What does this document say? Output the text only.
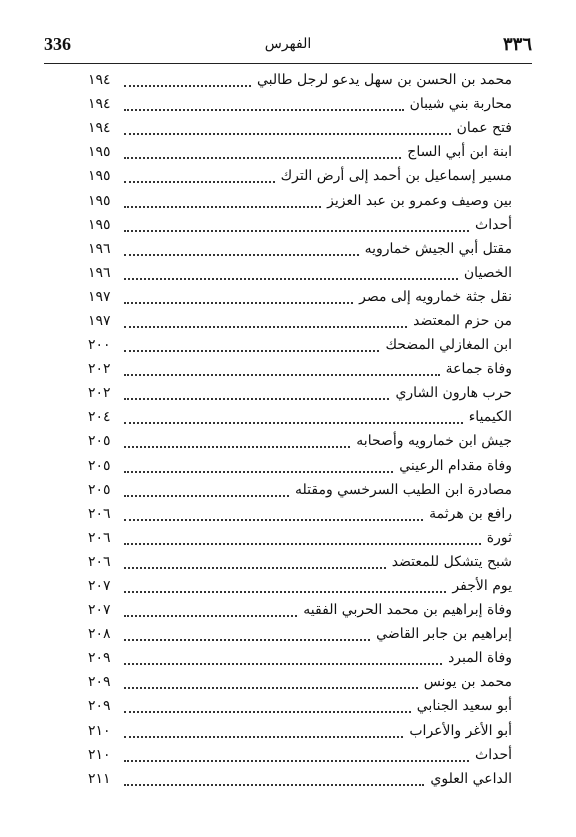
336	الفهرس	٣٣٦
محمد بن الحسن بن سهل يدعو لرجل طالبي
١٩٤
محاربة بني شيبان
١٩٤
فتح عمان
١٩٤
ابنة ابن أبي الساج
١٩٥
مسير إسماعيل بن أحمد إلى أرض الترك
١٩٥
بين وصيف وعمرو بن عبد العزيز
١٩٥
أحداث
١٩٥
مقتل أبي الجيش خمارويه
١٩٦
الخصيان
١٩٦
نقل جثة خمارويه إلى مصر
١٩٧
من حزم المعتضد
١٩٧
ابن المغازلي المضحك
٢٠٠
وفاة جماعة
٢٠٢
حرب هارون الشاري
٢٠٢
الكيمياء
٢٠٤
جيش ابن خمارويه وأصحابه
٢٠٥
وفاة مقدام الرعيني
٢٠٥
مصادرة ابن الطيب السرخسي ومقتله
٢٠٥
رافع بن هرثمة
٢٠٦
ثورة
٢٠٦
شبح يتشكل للمعتضد
٢٠٦
يوم الأجفر
٢٠٧
وفاة إبراهيم بن محمد الحربي الفقيه
٢٠٧
إبراهيم بن جابر القاضي
٢٠٨
وفاة المبرد
٢٠٩
محمد بن يونس
٢٠٩
أبو سعيد الجنابي
٢٠٩
أبو الأغر والأعراب
٢١٠
أحداث
٢١٠
الداعي العلوي
٢١١
